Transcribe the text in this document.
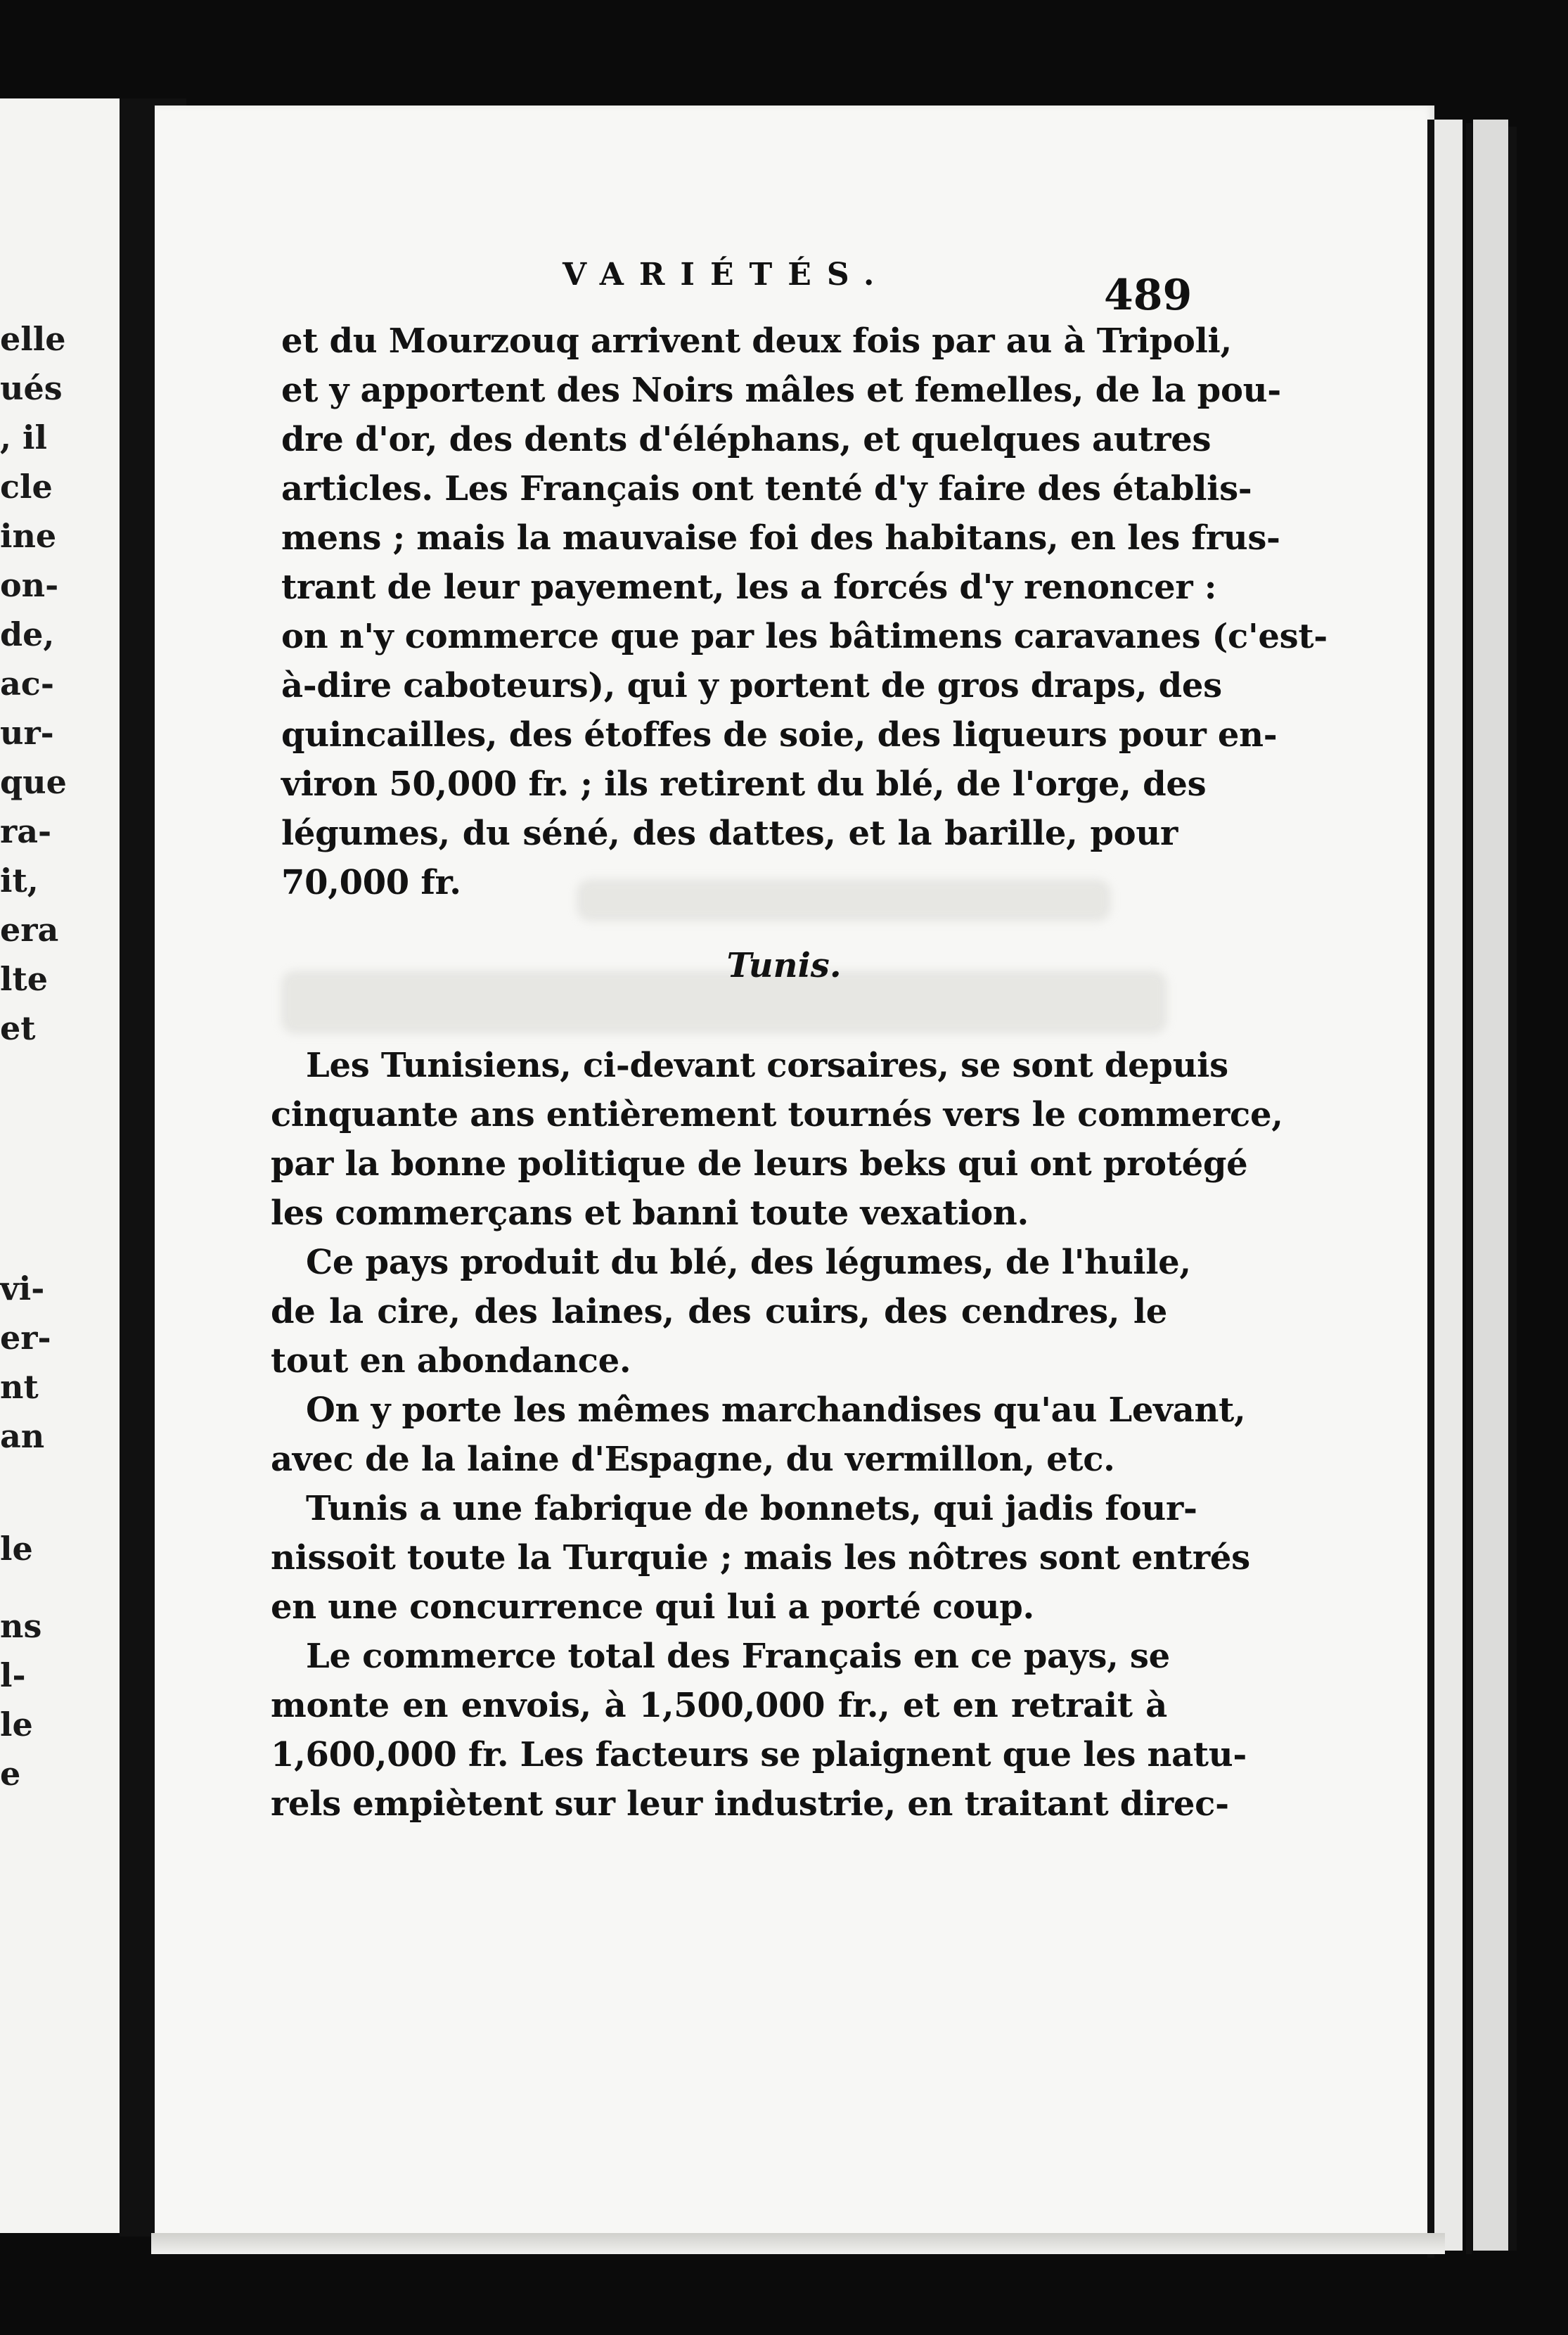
elle
ués
, il
cle
ine
on-
de,
ac-
ur-
que
ra-
it,
era
lte
et
vi-
er-
nt
an
le
ns
l-
le
e
VARIÉTÉS.	489
et du Mourzouq arrivent deux fois par au à Tripoli,
et y apportent des Noirs mâles et femelles, de la pou-
dre d'or, des dents d'éléphans, et quelques autres
articles. Les Français ont tenté d'y faire des établis-
mens ; mais la mauvaise foi des habitans, en les frus-
trant de leur payement, les a forcés d'y renoncer :
on n'y commerce que par les bâtimens caravanes (c'est-
à-dire caboteurs), qui y portent de gros draps, des
quincailles, des étoffes de soie, des liqueurs pour en-
viron 50,000 fr. ; ils retirent du blé, de l'orge, des
légumes, du séné, des dattes, et la barille, pour
70,000 fr.
Tunis.
Les Tunisiens, ci-devant corsaires, se sont depuis
cinquante ans entièrement tournés vers le commerce,
par la bonne politique de leurs beks qui ont protégé
les commerçans et banni toute vexation.
Ce pays produit du blé, des légumes, de l'huile,
de la cire, des laines, des cuirs, des cendres, le
tout en abondance.
On y porte les mêmes marchandises qu'au Levant,
avec de la laine d'Espagne, du vermillon, etc.
Tunis a une fabrique de bonnets, qui jadis four-
nissoit toute la Turquie ; mais les nôtres sont entrés
en une concurrence qui lui a porté coup.
Le commerce total des Français en ce pays, se
monte en envois, à 1,500,000 fr., et en retrait à
1,600,000 fr. Les facteurs se plaignent que les natu-
rels empiètent sur leur industrie, en traitant direc-
